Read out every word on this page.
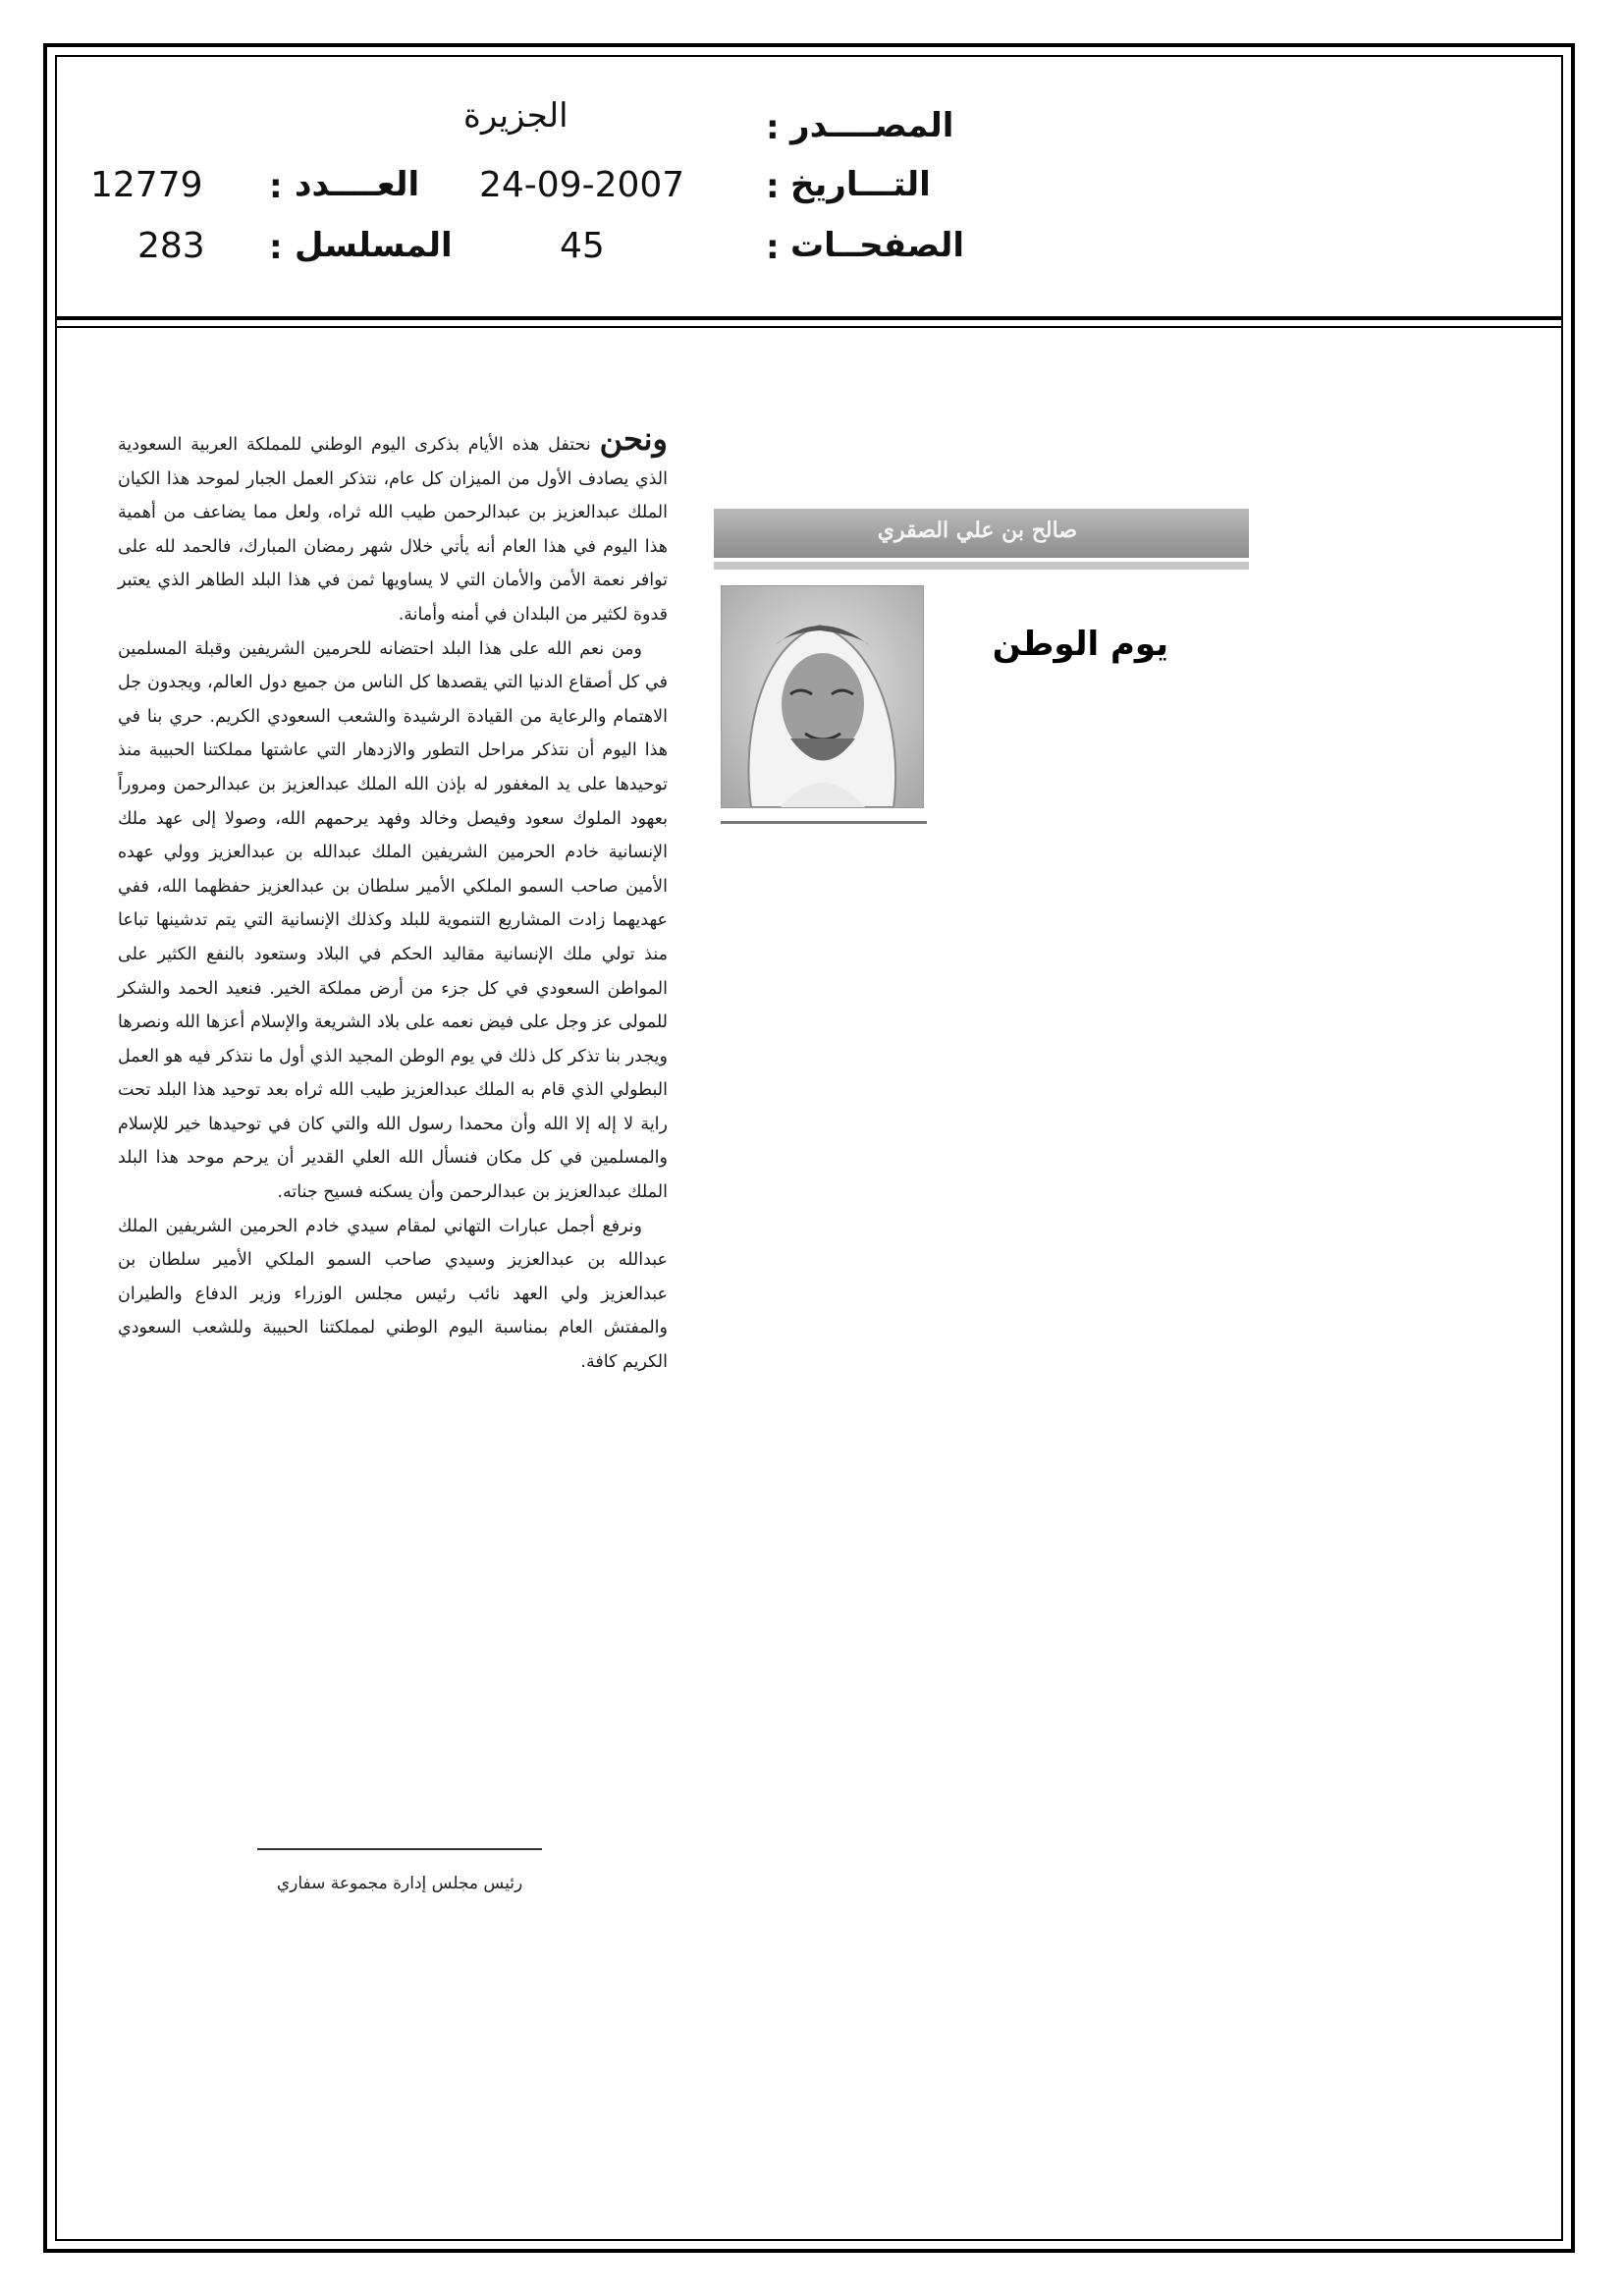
المصــــدر
:
الجزيرة
التـــاريخ
:
24-09-2007
العــــدد
:
12779
الصفحــات
:
45
المسلسل
:
283
صالح بن علي الصقري
يوم الوطن

ونحن نحتفل هذه الأيام بذكرى اليوم الوطني للمملكة العربية السعودية الذي يصادف الأول من الميزان كل عام، نتذكر العمل الجبار لموحد هذا الكيان الملك عبدالعزيز بن عبدالرحمن طيب الله ثراه، ولعل مما يضاعف من أهمية هذا اليوم في هذا العام أنه يأتي خلال شهر رمضان المبارك، فالحمد لله على توافر نعمة الأمن والأمان التي لا يساويها ثمن في هذا البلد الطاهر الذي يعتبر قدوة لكثير من البلدان في أمنه وأمانة.

ومن نعم الله على هذا البلد احتضانه للحرمين الشريفين وقبلة المسلمين في كل أصقاع الدنيا التي يقصدها كل الناس من جميع دول العالم، ويجدون جل الاهتمام والرعاية من القيادة الرشيدة والشعب السعودي الكريم. حري بنا في هذا اليوم أن نتذكر مراحل التطور والازدهار التي عاشتها مملكتنا الحبيبة منذ توحيدها على يد المغفور له بإذن الله الملك عبدالعزيز بن عبدالرحمن ومروراً بعهود الملوك سعود وفيصل وخالد وفهد يرحمهم الله، وصولا إلى عهد ملك الإنسانية خادم الحرمين الشريفين الملك عبدالله بن عبدالعزيز وولي عهده الأمين صاحب السمو الملكي الأمير سلطان بن عبدالعزيز حفظهما الله، ففي عهديهما زادت المشاريع التنموية للبلد وكذلك الإنسانية التي يتم تدشينها تباعا منذ تولي ملك الإنسانية مقاليد الحكم في البلاد وستعود بالنفع الكثير على المواطن السعودي في كل جزء من أرض مملكة الخير. فنعيد الحمد والشكر للمولى عز وجل على فيض نعمه على بلاد الشريعة والإسلام أعزها الله ونصرها ويجدر بنا تذكر كل ذلك في يوم الوطن المجيد الذي أول ما نتذكر فيه هو العمل البطولي الذي قام به الملك عبدالعزيز طيب الله ثراه بعد توحيد هذا البلد تحت راية لا إله إلا الله وأن محمدا رسول الله والتي كان في توحيدها خير للإسلام والمسلمين في كل مكان فنسأل الله العلي القدير أن يرحم موحد هذا البلد الملك عبدالعزيز بن عبدالرحمن وأن يسكنه فسيح جناته.

ونرفع أجمل عبارات التهاني لمقام سيدي خادم الحرمين الشريفين الملك عبدالله بن عبدالعزيز وسيدي صاحب السمو الملكي الأمير سلطان بن عبدالعزيز ولي العهد نائب رئيس مجلس الوزراء وزير الدفاع والطيران والمفتش العام بمناسبة اليوم الوطني لمملكتنا الحبيبة وللشعب السعودي الكريم كافة.

رئيس مجلس إدارة مجموعة سفاري
